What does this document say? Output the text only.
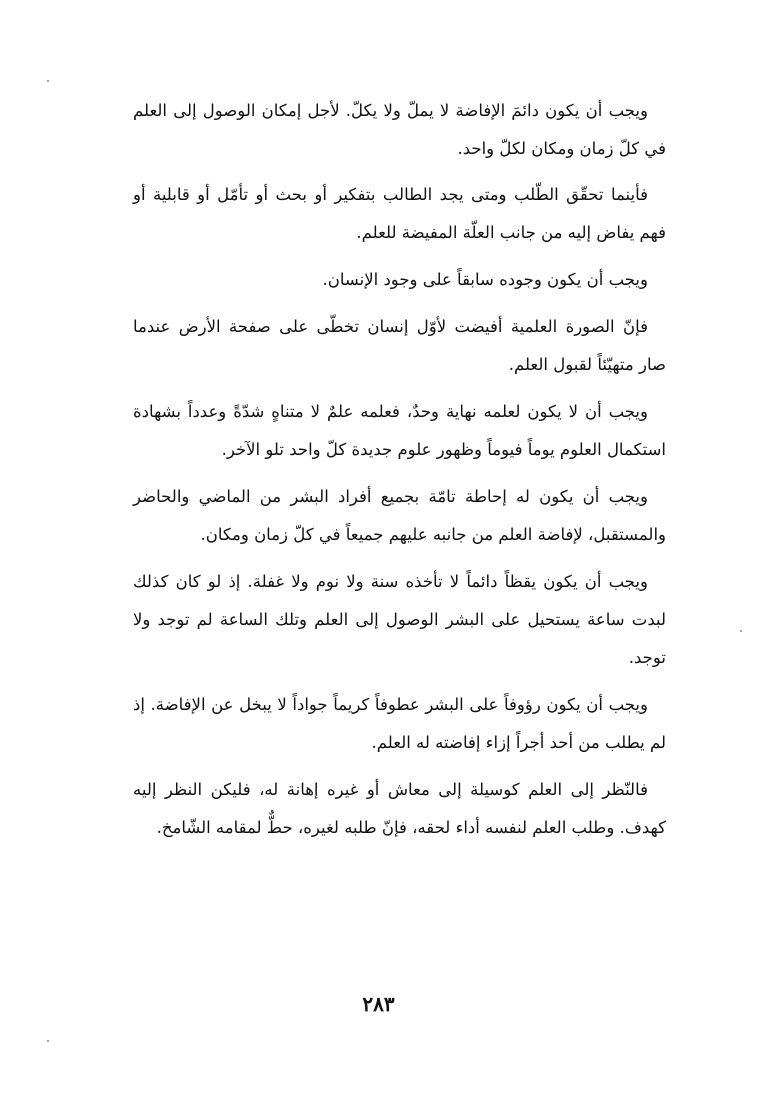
ويجب أن يكون دائمَ الإفاضة لا يملّ ولا يكلّ. لأجل إمكان الوصول إلى العلم في كلّ زمان ومكان لكلّ واحد.

فأينما تحقّق الطّلب ومتى يجد الطالب بتفكير أو بحث أو تأمّل أو قابلية أو فهم يفاض إليه من جانب العلّة المفيضة للعلم.

ويجب أن يكون وجوده سابقاً على وجود الإنسان.

فإنّ الصورة العلمية أفيضت لأوّل إنسان تخطّى على صفحة الأرض عندما صار متهيّئاً لقبول العلم.

ويجب أن لا يكون لعلمه نهاية وحدٌ، فعلمه علمٌ لا متناهٍ شدّةً وعدداً بشهادة استكمال العلوم يوماً فيوماً وظهور علوم جديدة كلّ واحد تلو الآخر.

ويجب أن يكون له إحاطة تامّة بجميع أفراد البشر من الماضي والحاضر والمستقبل، لإفاضة العلم من جانبه عليهم جميعاً في كلّ زمان ومكان.

ويجب أن يكون يقظاً دائماً لا تأخذه سنة ولا نوم ولا غفلة. إذ لو كان كذلك لبدت ساعة يستحيل على البشر الوصول إلى العلم وتلك الساعة لم توجد ولا توجد.

ويجب أن يكون رؤوفاً على البشر عطوفاً كريماً جواداً لا يبخل عن الإفاضة. إذ لم يطلب من أحد أجراً إزاء إفاضته له العلم.

فالنّظر إلى العلم كوسيلة إلى معاش أو غيره إهانة له، فليكن النظر إليه كهدف. وطلب العلم لنفسه أداء لحقه، فإنّ طلبه لغيره، حطٌّ لمقامه الشّامخ.

٢٨٣
